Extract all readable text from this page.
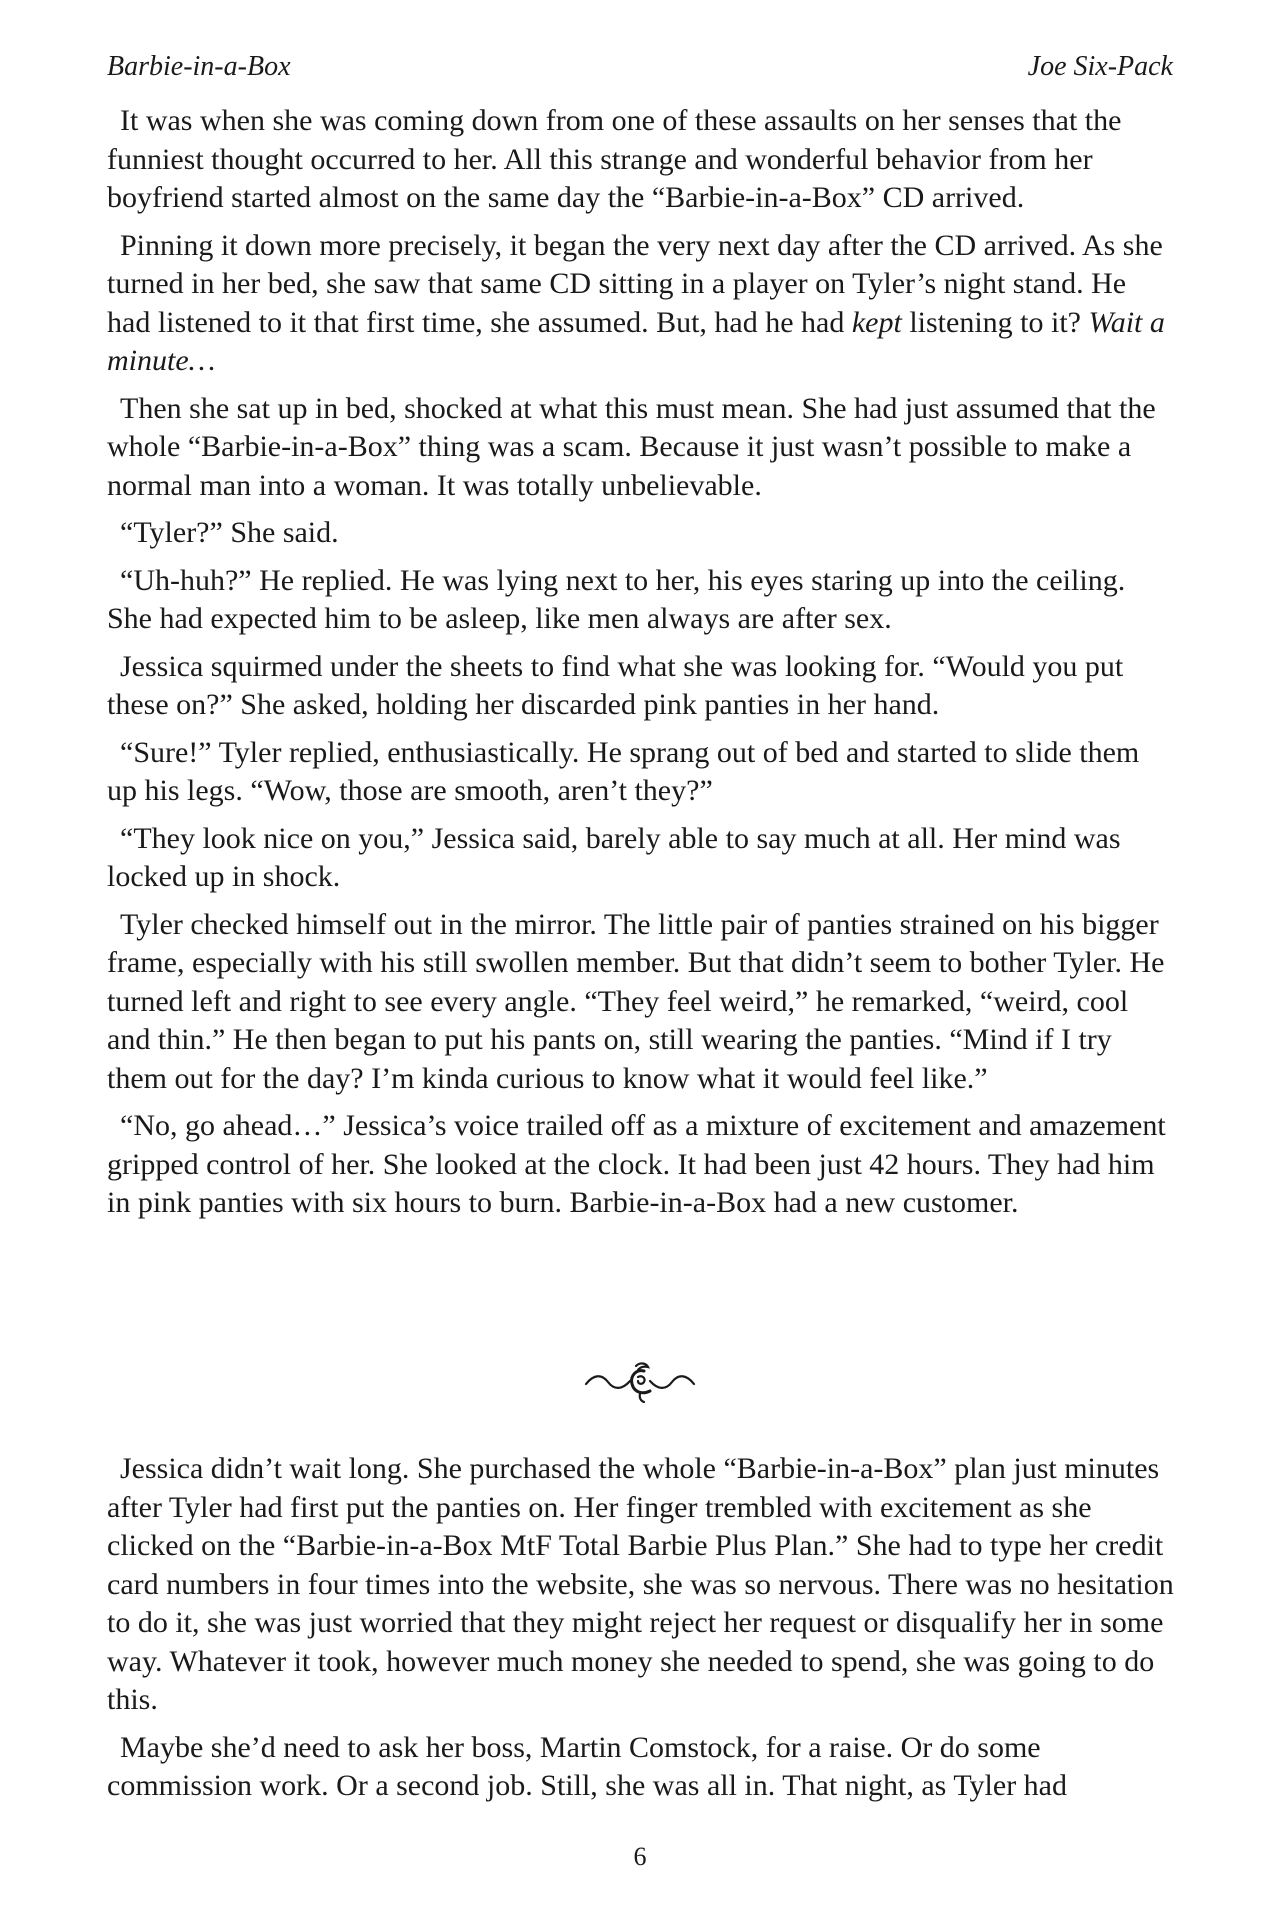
Barbie-in-a-Box	Joe Six-Pack

It was when she was coming down from one of these assaults on her senses that the funniest thought occurred to her. All this strange and wonderful behavior from her boyfriend started almost on the same day the “Barbie-in-a-Box” CD arrived.

Pinning it down more precisely, it began the very next day after the CD arrived. As she turned in her bed, she saw that same CD sitting in a player on Tyler’s night stand. He had listened to it that first time, she assumed. But, had he had kept listening to it? Wait a minute…

Then she sat up in bed, shocked at what this must mean. She had just assumed that the whole “Barbie-in-a-Box” thing was a scam. Because it just wasn’t possible to make a normal man into a woman. It was totally unbelievable.

“Tyler?” She said.

“Uh-huh?” He replied. He was lying next to her, his eyes staring up into the ceiling. She had expected him to be asleep, like men always are after sex.

Jessica squirmed under the sheets to find what she was looking for. “Would you put these on?” She asked, holding her discarded pink panties in her hand.

“Sure!” Tyler replied, enthusiastically. He sprang out of bed and started to slide them up his legs. “Wow, those are smooth, aren’t they?”

“They look nice on you,” Jessica said, barely able to say much at all. Her mind was locked up in shock.

Tyler checked himself out in the mirror. The little pair of panties strained on his bigger frame, especially with his still swollen member. But that didn’t seem to bother Tyler. He turned left and right to see every angle. “They feel weird,” he remarked, “weird, cool and thin.” He then began to put his pants on, still wearing the panties. “Mind if I try them out for the day? I’m kinda curious to know what it would feel like.”

“No, go ahead…” Jessica’s voice trailed off as a mixture of excitement and amazement gripped control of her. She looked at the clock. It had been just 42 hours. They had him in pink panties with six hours to burn. Barbie-in-a-Box had a new customer.

Jessica didn’t wait long. She purchased the whole “Barbie-in-a-Box” plan just minutes after Tyler had first put the panties on. Her finger trembled with excitement as she clicked on the “Barbie-in-a-Box MtF Total Barbie Plus Plan.” She had to type her credit card numbers in four times into the website, she was so nervous. There was no hesitation to do it, she was just worried that they might reject her request or disqualify her in some way. Whatever it took, however much money she needed to spend, she was going to do this.

Maybe she’d need to ask her boss, Martin Comstock, for a raise. Or do some commission work. Or a second job. Still, she was all in. That night, as Tyler had

6
